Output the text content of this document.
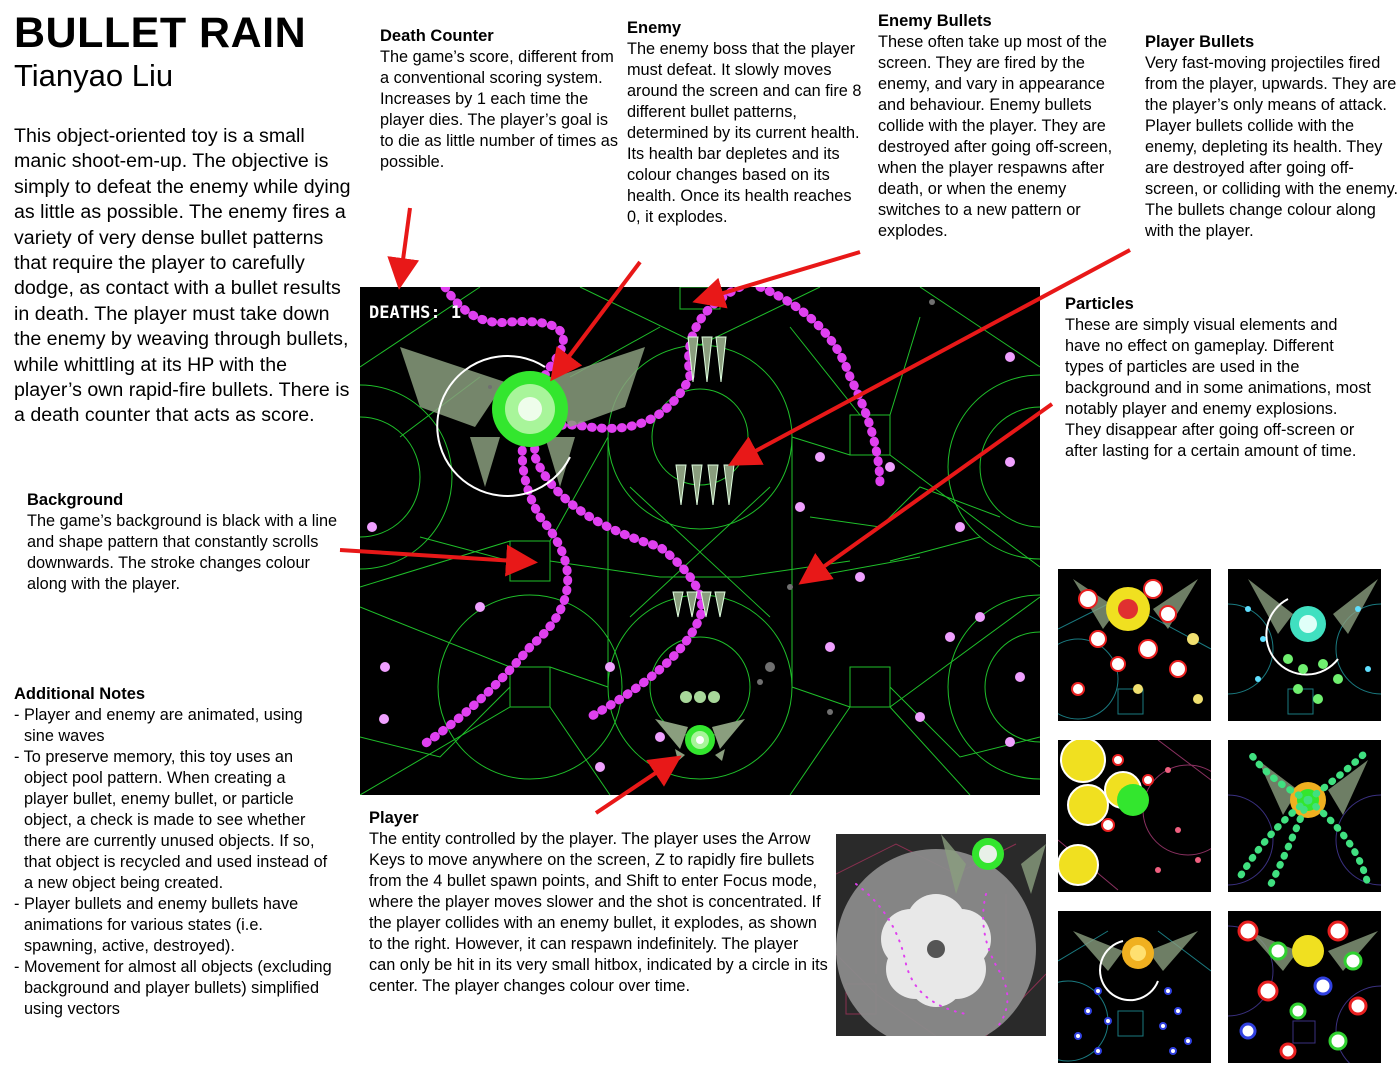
BULLET RAIN
Tianyao Liu
This object-oriented toy is a small manic shoot-em-up. The objective is simply to defeat the enemy while dying as little as possible. The enemy fires a variety of very dense bullet patterns that require the player to carefully dodge, as contact with a bullet results in death. The player must take down the enemy by weaving through bullets, while whittling at its HP with the player’s own rapid-fire bullets. There is a death counter that acts as score.
Death Counter

The game’s score, different from a conventional scoring system. Increases by 1 each time the player dies. The player’s goal is to die as little number of times as possible.

Enemy

The enemy boss that the player must defeat. It slowly moves around the screen and can fire 8 different bullet patterns, determined by its current health. Its health bar depletes and its colour changes based on its health. Once its health reaches 0, it explodes.

Enemy Bullets

These often take up most of the screen. They are fired by the enemy, and vary in appearance and behaviour. Enemy bullets collide with the player. They are destroyed after going off-screen, when the player respawns after death, or when the enemy switches to a new pattern or explodes.

Player Bullets

Very fast-moving projectiles fired from the player, upwards. They are the player’s only means of attack. Player bullets collide with the enemy, depleting its health. They are destroyed after going off-screen, or colliding with the enemy. The bullets change colour along with the player.

Particles

These are simply visual elements and have no effect on gameplay. Different types of particles are used in the background and in some animations, most notably player and enemy explosions. They disappear after going off-screen or after lasting for a certain amount of time.

Background

The game’s background is black with a line and shape pattern that constantly scrolls downwards. The stroke changes colour along with the player.

Player

The entity controlled by the player. The player uses the Arrow Keys to move anywhere on the screen, Z to rapidly fire bullets from the 4 bullet spawn points, and Shift to enter Focus mode, where the player moves slower and the shot is concentrated. If the player collides with an enemy bullet, it explodes, as shown to the right. However, it can respawn indefinitely. The player can only be hit in its very small hitbox, indicated by a circle in its center. The player changes colour over time.

Additional Notes
- Player and enemy are animated, using sine waves
- To preserve memory, this toy uses an object pool pattern. When creating a player bullet, enemy bullet, or particle object, a check is made to see whether there are currently unused objects. If so, that object is recycled and used instead of a new object being created.
- Player bullets and enemy bullets have animations for various states (i.e. spawning, active, destroyed).
- Movement for almost all objects (excluding background and player bullets) simplified using vectors
DEATHS: 1
